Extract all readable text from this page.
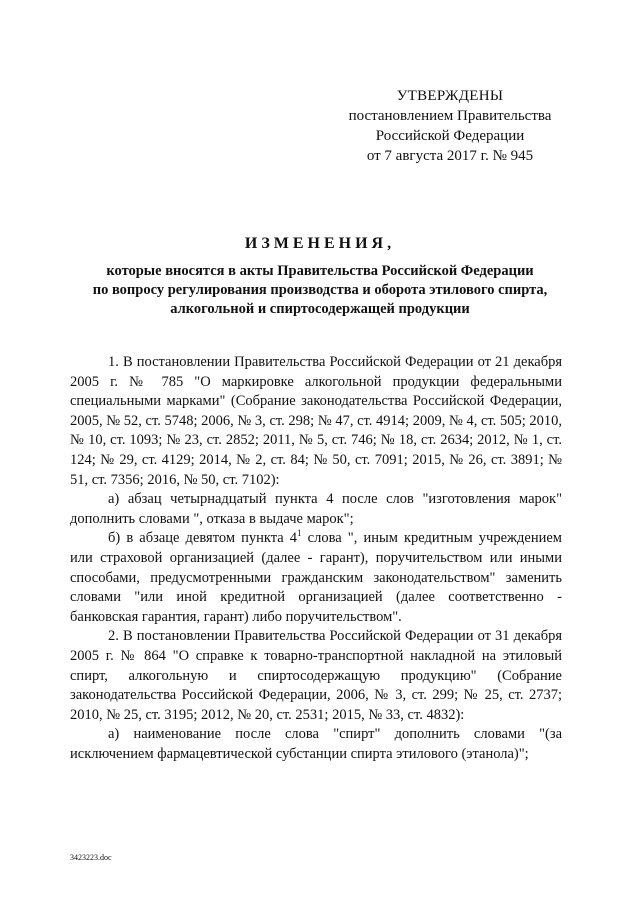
УТВЕРЖДЕНЫ
постановлением Правительства
Российской Федерации
от 7 августа 2017 г. № 945
ИЗМЕНЕНИЯ,
которые вносятся в акты Правительства Российской Федерации
по вопросу регулирования производства и оборота этилового спирта,
алкогольной и спиртосодержащей продукции

1. В постановлении Правительства Российской Федерации от 21 декабря 2005 г. № 785 "О маркировке алкогольной продукции федеральными специальными марками" (Собрание законодательства Российской Федерации, 2005, № 52, ст. 5748; 2006, № 3, ст. 298; № 47, ст. 4914; 2009, № 4, ст. 505; 2010, № 10, ст. 1093; № 23, ст. 2852; 2011, № 5, ст. 746; № 18, ст. 2634; 2012, № 1, ст. 124; № 29, ст. 4129; 2014, № 2, ст. 84; № 50, ст. 7091; 2015, № 26, ст. 3891; № 51, ст. 7356; 2016, № 50, ст. 7102):

а) абзац четырнадцатый пункта 4 после слов "изготовления марок" дополнить словами ", отказа в выдаче марок";

б) в абзаце девятом пункта $4^1$ слова ", иным кредитным учреждением или страховой организацией (далее - гарант), поручительством или иными способами, предусмотренными гражданским законодательством" заменить словами "или иной кредитной организацией (далее соответственно - банковская гарантия, гарант) либо поручительством".

2. В постановлении Правительства Российской Федерации от 31 декабря 2005 г. № 864 "О справке к товарно-транспортной накладной на этиловый спирт, алкогольную и спиртосодержащую продукцию" (Собрание законодательства Российской Федерации, 2006, № 3, ст. 299; № 25, ст. 2737; 2010, № 25, ст. 3195; 2012, № 20, ст. 2531; 2015, № 33, ст. 4832):

а) наименование после слова "спирт" дополнить словами "(за исключением фармацевтической субстанции спирта этилового (этанола)";

3423223.doc
